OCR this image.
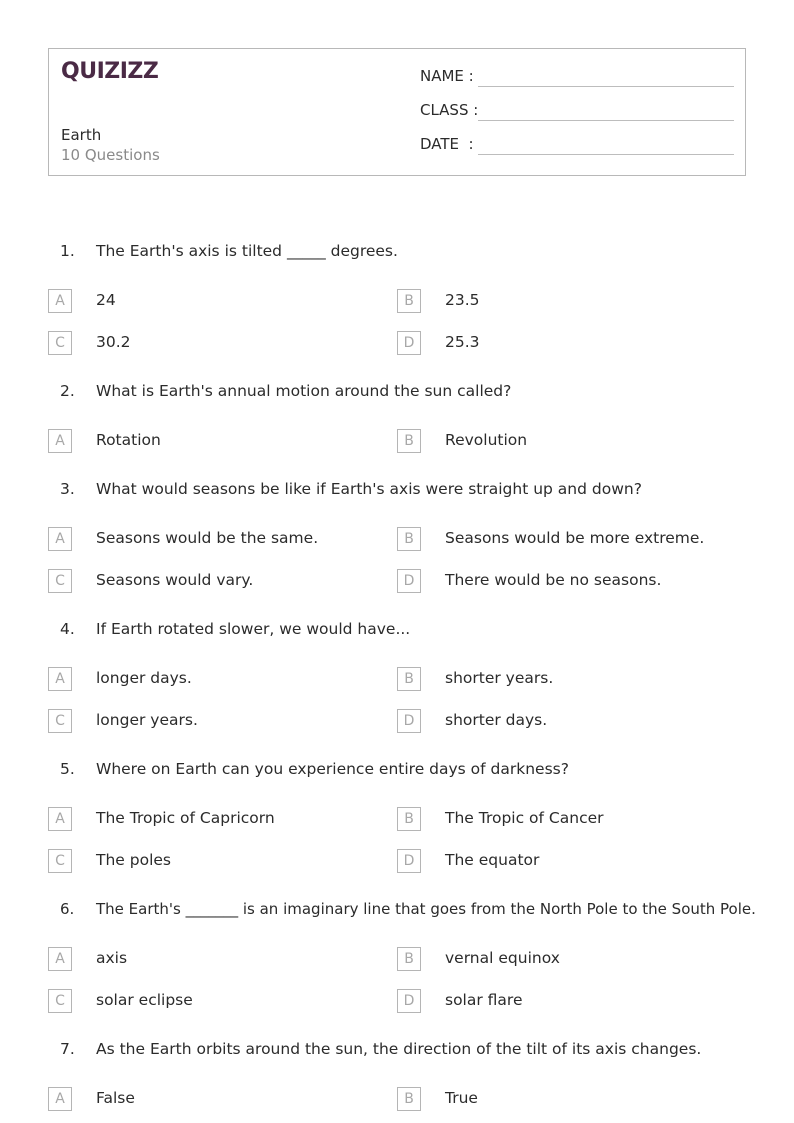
QUIZIZZ
Earth
10 Questions
NAME :
CLASS :
DATE  :
1. The Earth's axis is tilted _____ degrees.
A	24	B	23.5
C	30.2	D	25.3
2. What is Earth's annual motion around the sun called?
A	Rotation	B	Revolution
3. What would seasons be like if Earth's axis were straight up and down?
A	Seasons would be the same.	B	Seasons would be more extreme.
C	Seasons would vary.	D	There would be no seasons.
4. If Earth rotated slower, we would have...
A	longer days.	B	shorter years.
C	longer years.	D	shorter days.
5. Where on Earth can you experience entire days of darkness?
A	The Tropic of Capricorn	B	The Tropic of Cancer
C	The poles	D	The equator
6. The Earth's _______ is an imaginary line that goes from the North Pole to the South Pole.
A	axis	B	vernal equinox
C	solar eclipse	D	solar flare
7. As the Earth orbits around the sun, the direction of the tilt of its axis changes.
A	False	B	True
